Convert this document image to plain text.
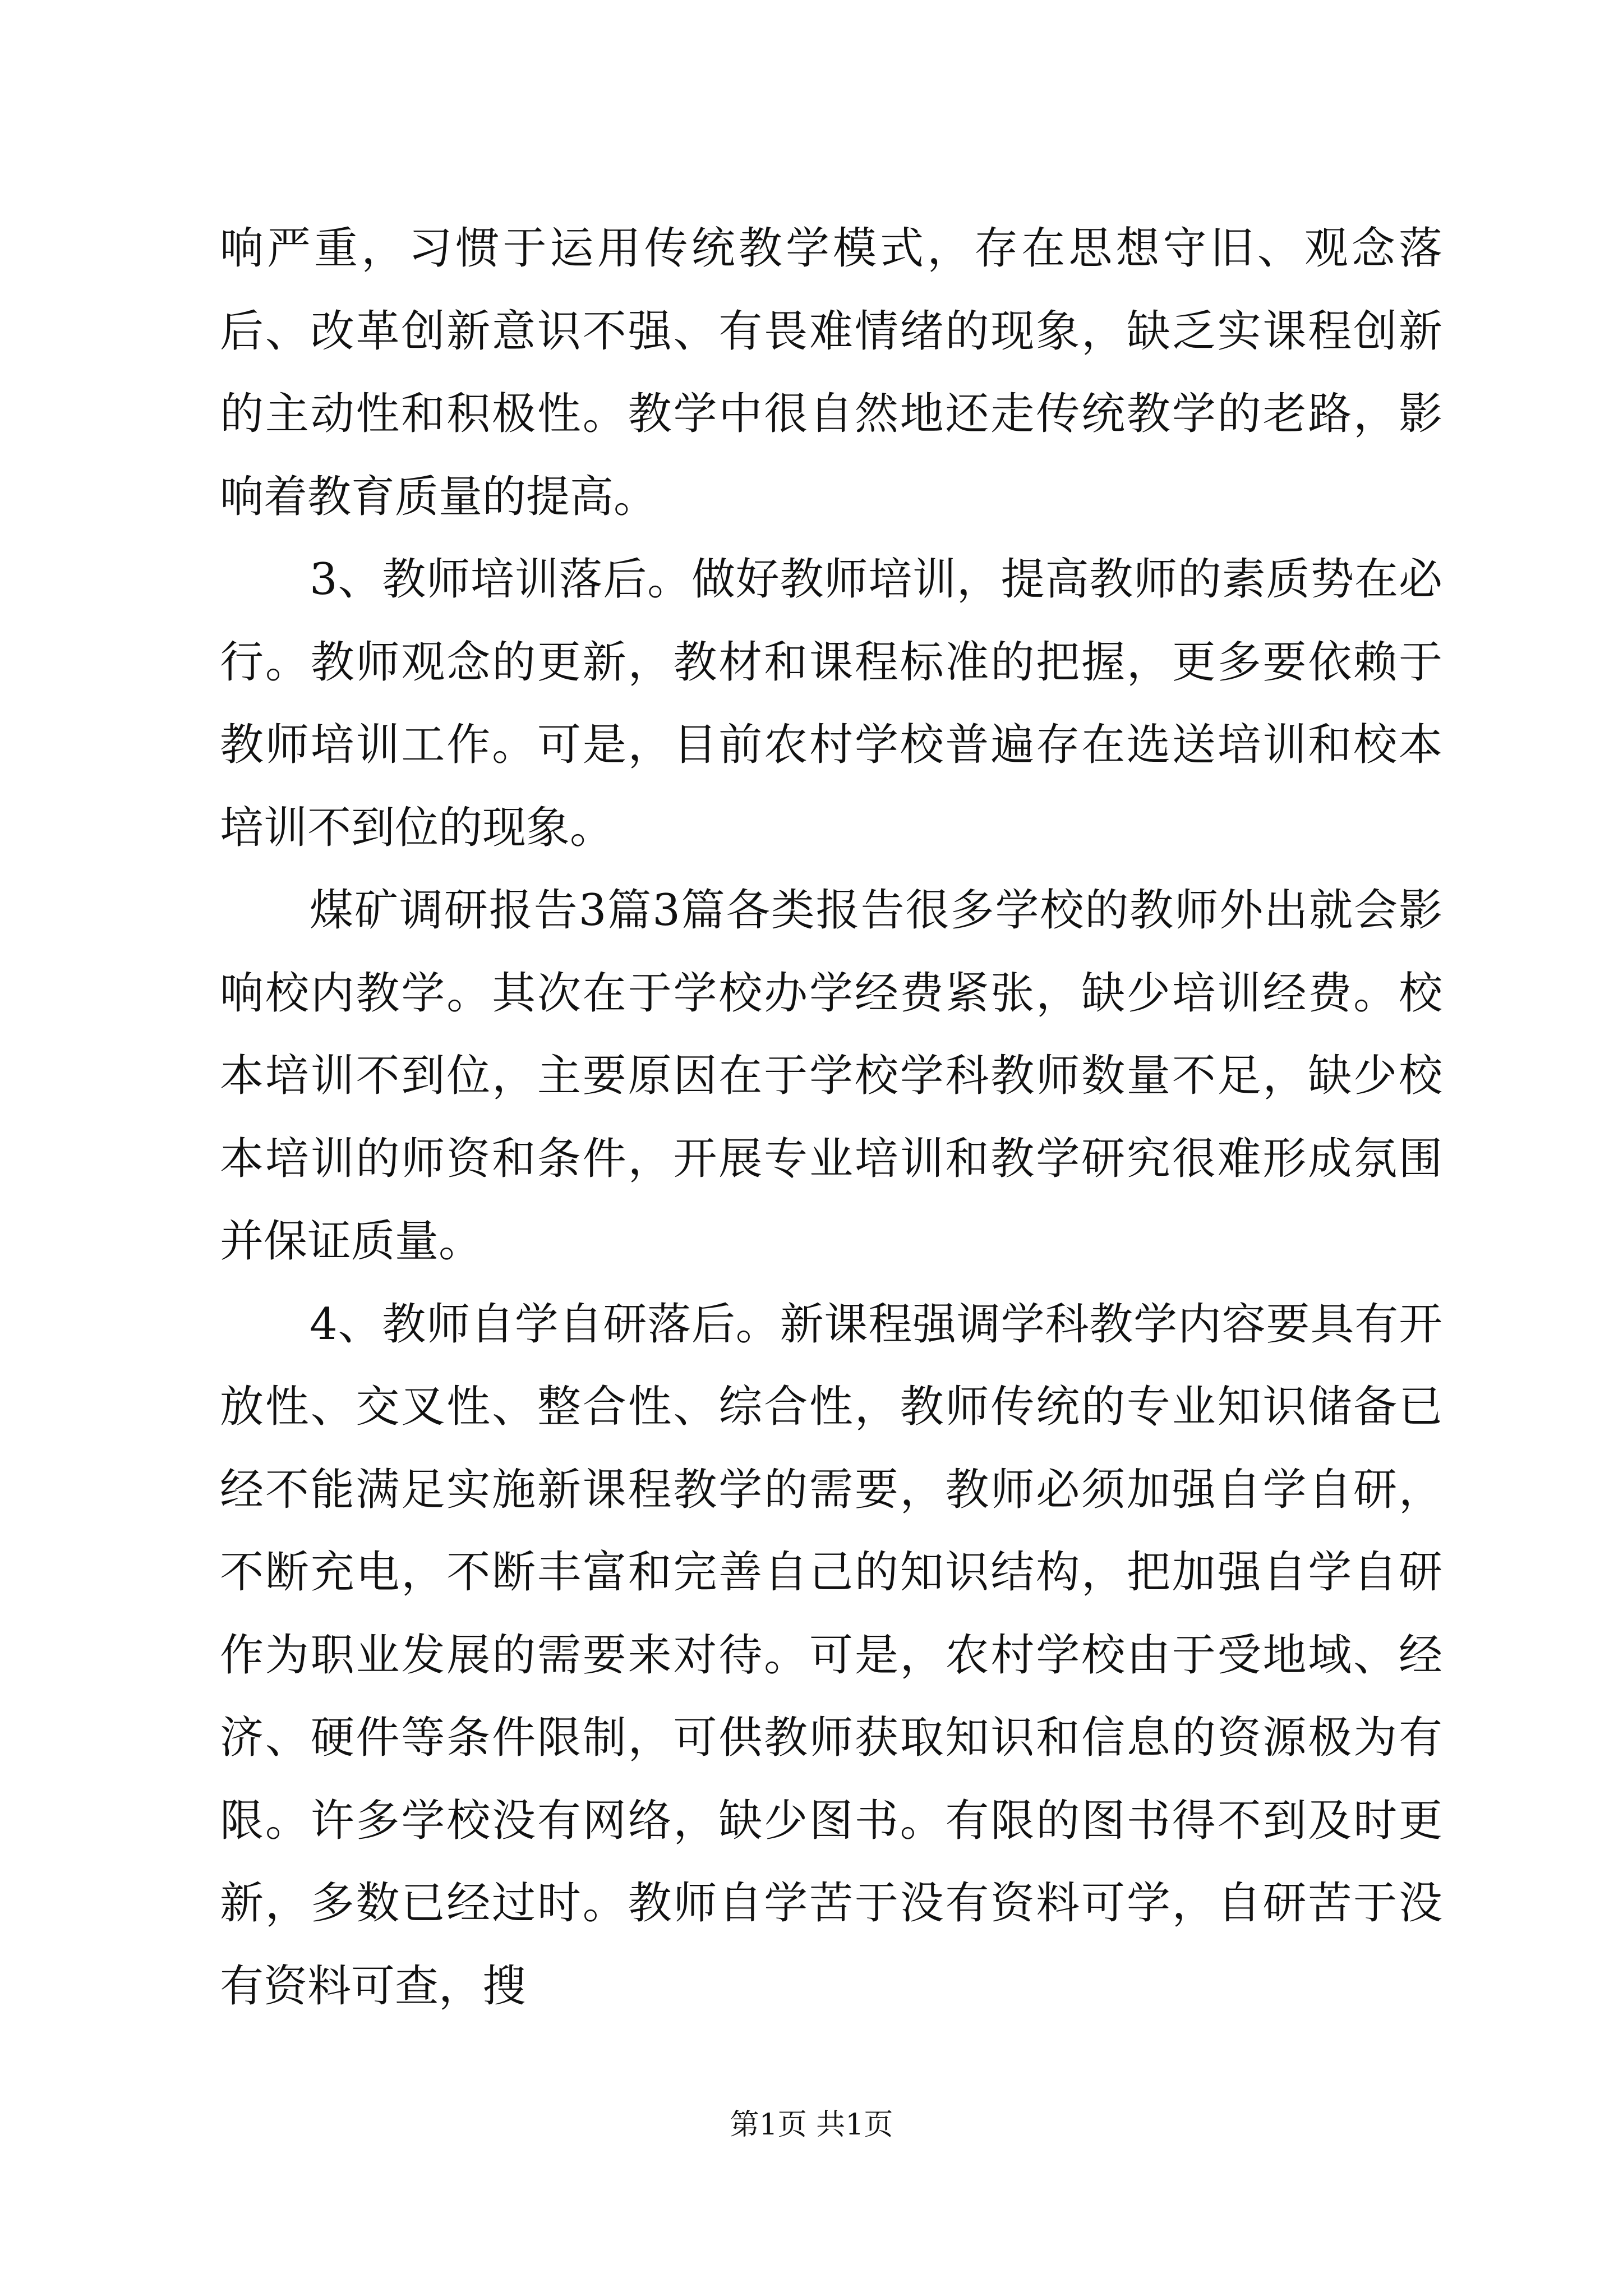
响严重，习惯于运用传统教学模式，存在思想守旧、观念落后、改革创新意识不强、有畏难情绪的现象，缺乏实课程创新的主动性和积极性。教学中很自然地还走传统教学的老路，影响着教育质量的提高。

3、教师培训落后。做好教师培训，提高教师的素质势在必行。教师观念的更新，教材和课程标准的把握，更多要依赖于教师培训工作。可是，目前农村学校普遍存在选送培训和校本培训不到位的现象。

煤矿调研报告3篇3篇各类报告很多学校的教师外出就会影响校内教学。其次在于学校办学经费紧张，缺少培训经费。校本培训不到位，主要原因在于学校学科教师数量不足，缺少校本培训的师资和条件，开展专业培训和教学研究很难形成氛围并保证质量。

4、教师自学自研落后。新课程强调学科教学内容要具有开放性、交叉性、整合性、综合性，教师传统的专业知识储备已经不能满足实施新课程教学的需要，教师必须加强自学自研，不断充电，不断丰富和完善自己的知识结构，把加强自学自研作为职业发展的需要来对待。可是，农村学校由于受地域、经济、硬件等条件限制，可供教师获取知识和信息的资源极为有限。许多学校没有网络，缺少图书。有限的图书得不到及时更新，多数已经过时。教师自学苦于没有资料可学，自研苦于没有资料可查，搜

第1页 共1页
